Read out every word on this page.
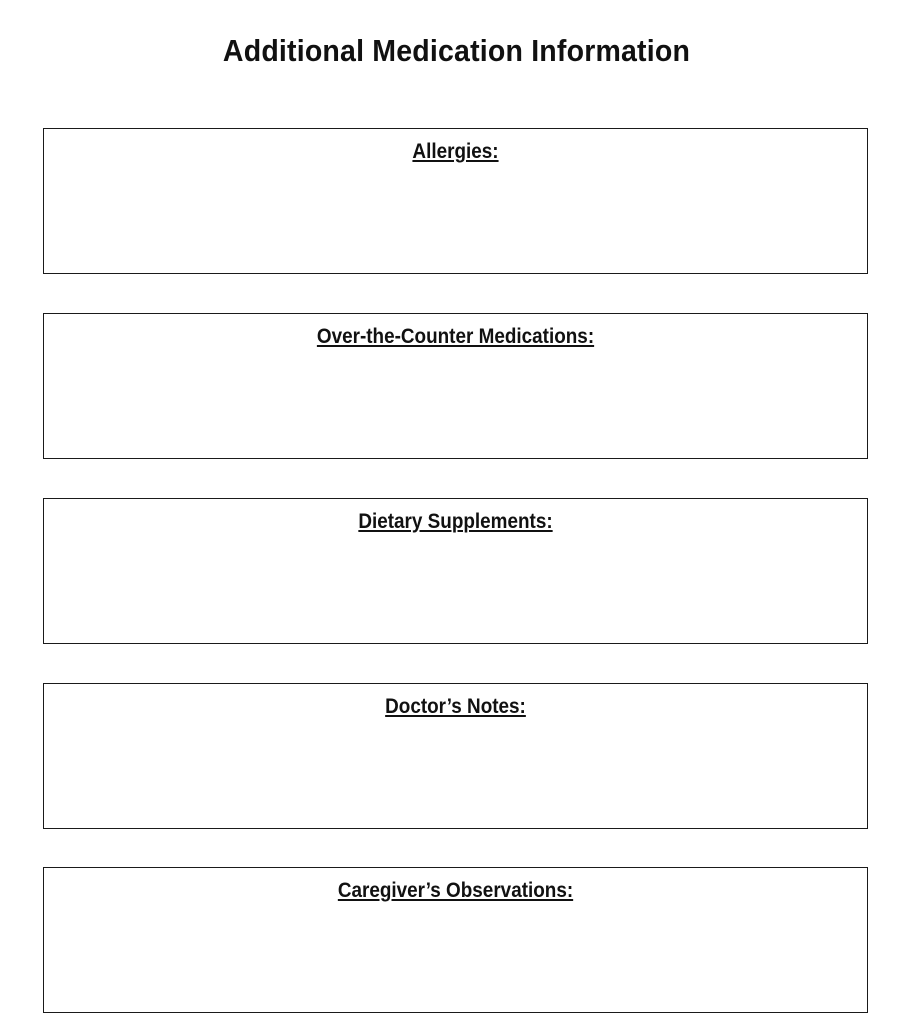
Additional Medication Information
Allergies:
Over-the-Counter Medications:
Dietary Supplements:
Doctor’s Notes:
Caregiver’s Observations:
